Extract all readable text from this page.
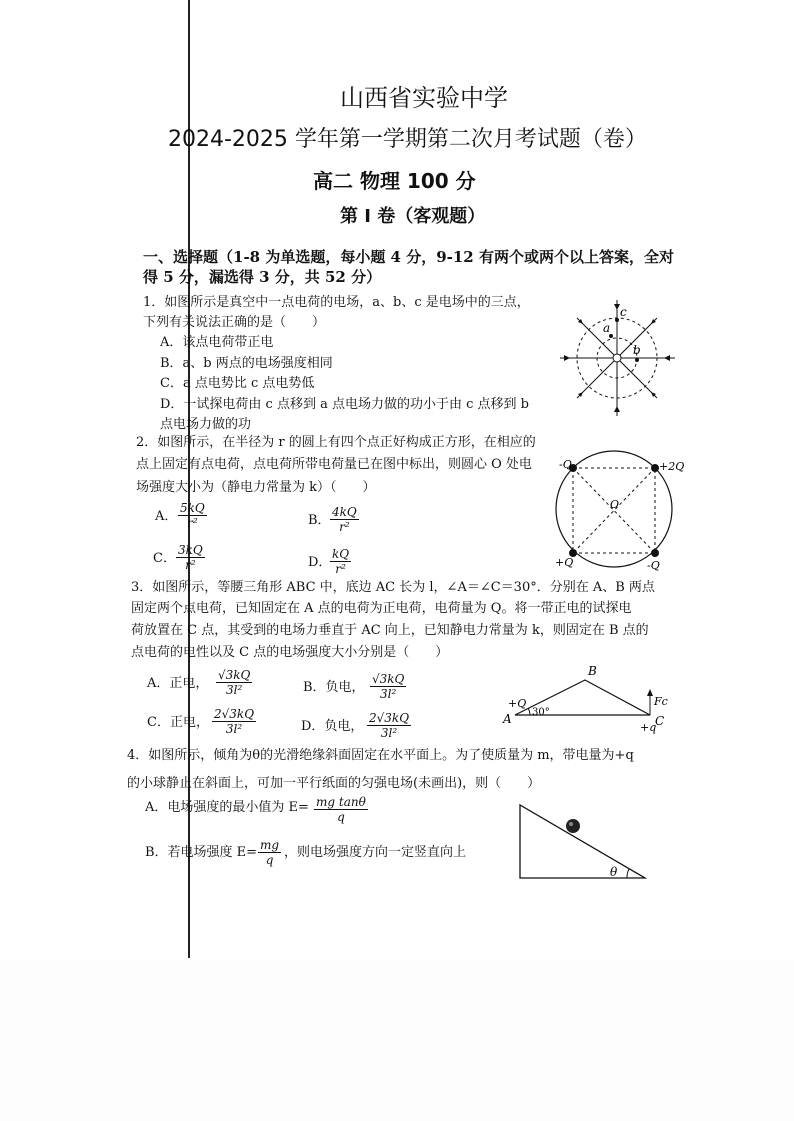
山西省实验中学
2024-2025 学年第一学期第二次月考试题（卷）
高二 物理 100 分
第 I 卷（客观题）
一、选择题（1-8 为单选题，每小题 4 分，9-12 有两个或两个以上答案，全对
得 5 分，漏选得 3 分，共 52 分）
1．如图所示是真空中一点电荷的电场，a、b、c 是电场中的三点，
下列有关说法正确的是（　　）
A．该点电荷带正电
B．a、b 两点的电场强度相同
C．a 点电势比 c 点电势低
D．一试探电荷由 c 点移到 a 点电场力做的功小于由 c 点移到 b
点电场力做的功
a
c
b
2．如图所示，在半径为 r 的圆上有四个点正好构成正方形，在相应的
点上固定有点电荷，点电荷所带电荷量已在图中标出，则圆心 O 处电
场强度大小为（静电力常量为 k）（　　）
A． $\frac{5kQ}{\text{r²}}$	B． $\frac{4kQ}{\text{r²}}$
C． $\frac{3kQ}{\text{r²}}$	D．
$\frac{kQ}{\text{r²}}$
-Q	+2Q
+Q	-Q
O
3．如图所示，等腰三角形 ABC 中，底边 AC 长为 l，∠A＝∠C＝30°．分别在 A、B 两点
固定两个点电荷，已知固定在 A 点的电荷为正电荷，电荷量为 Q。将一带正电的试探电
荷放置在 C 点，其受到的电场力垂直于 AC 向上，已知静电力常量为 k，则固定在 B 点的
点电荷的电性以及 C 点的电场强度大小分别是（　　）
A．正电， $\frac{√3kQ}{\text{3l²}}$	B．负电， $\frac{√3kQ}{\text{3l²}}$
C．正电， $\frac{2√3kQ}{\text{3l²}}$	D．负电， $\frac{2√3kQ}{\text{3l²}}$
B
A	C
+Q
+q
30°
Fc
4．如图所示，倾角为θ的光滑绝缘斜面固定在水平面上。为了使质量为 m，带电量为+q
的小球静止在斜面上，可加一平行纸面的匀强电场(未画出)，则（　　）
A．电场强度的最小值为 $E= \frac{\text{mg tanθ}}{q}$
B．若电场强度 $E= \frac{mg}{q}$ ，则电场强度方向一定竖直向上
θ
